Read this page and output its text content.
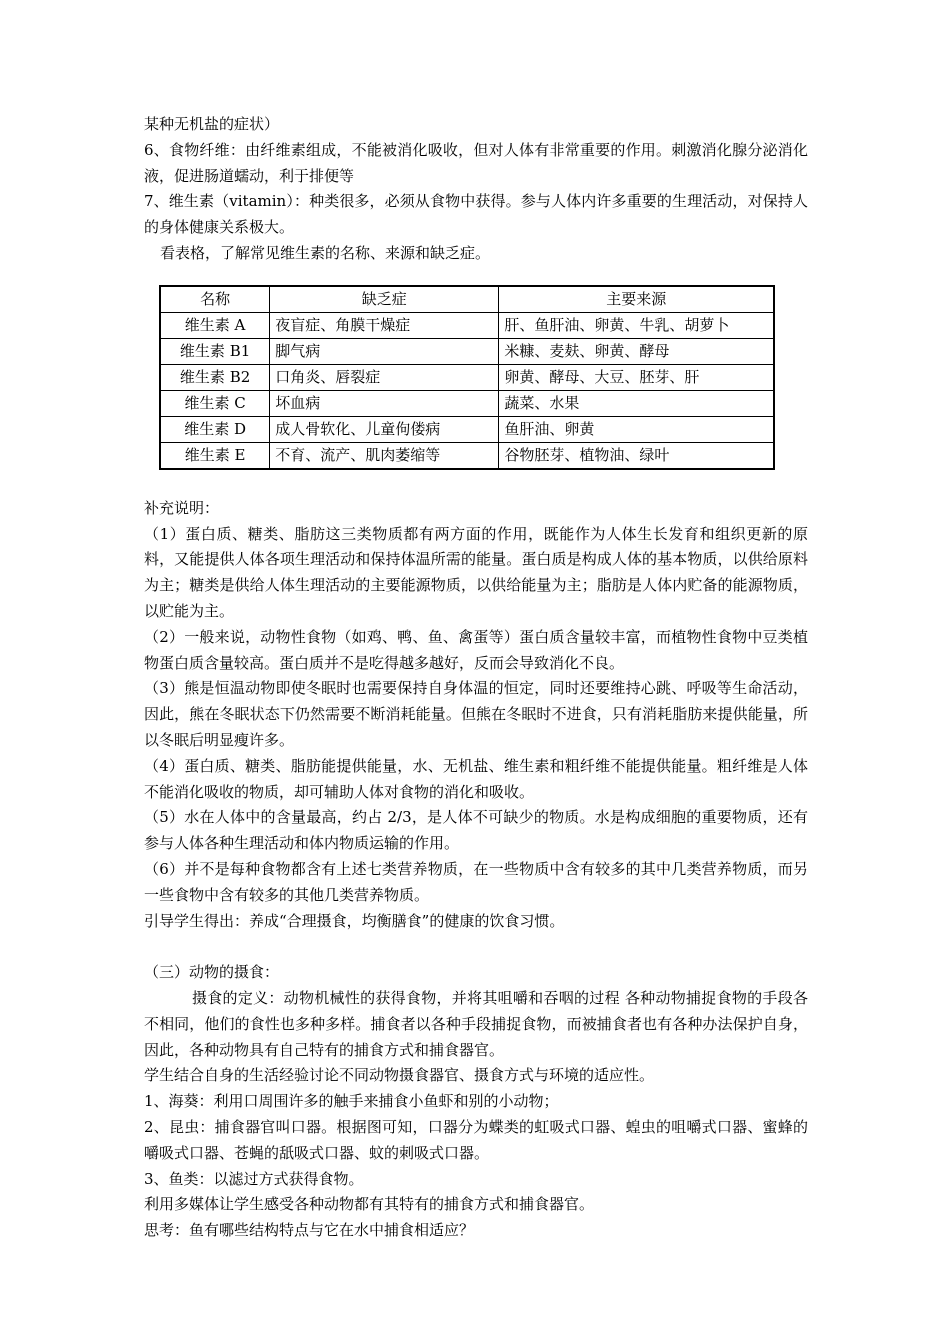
某种无机盐的症状）

6、食物纤维：由纤维素组成，不能被消化吸收，但对人体有非常重要的作用。刺激消化腺分泌消化液，促进肠道蠕动，利于排便等

7、维生素（vitamin）：种类很多，必须从食物中获得。参与人体内许多重要的生理活动，对保持人的身体健康关系极大。

看表格，了解常见维生素的名称、来源和缺乏症。

名称	缺乏症	主要来源
维生素 A	夜盲症、角膜干燥症	肝、鱼肝油、卵黄、牛乳、胡萝卜
维生素 B1	脚气病	米糠、麦麸、卵黄、酵母
维生素 B2	口角炎、唇裂症	卵黄、酵母、大豆、胚芽、肝
维生素 C	坏血病	蔬菜、水果
维生素 D	成人骨软化、儿童佝偻病	鱼肝油、卵黄
维生素 E	不育、流产、肌肉萎缩等	谷物胚芽、植物油、绿叶

补充说明：

（1）蛋白质、糖类、脂肪这三类物质都有两方面的作用，既能作为人体生长发育和组织更新的原料，又能提供人体各项生理活动和保持体温所需的能量。蛋白质是构成人体的基本物质，以供给原料为主；糖类是供给人体生理活动的主要能源物质，以供给能量为主；脂肪是人体内贮备的能源物质，以贮能为主。

（2）一般来说，动物性食物（如鸡、鸭、鱼、禽蛋等）蛋白质含量较丰富，而植物性食物中豆类植物蛋白质含量较高。蛋白质并不是吃得越多越好，反而会导致消化不良。

（3）熊是恒温动物即使冬眠时也需要保持自身体温的恒定，同时还要维持心跳、呼吸等生命活动，因此，熊在冬眠状态下仍然需要不断消耗能量。但熊在冬眠时不进食，只有消耗脂肪来提供能量，所以冬眠后明显瘦许多。

（4）蛋白质、糖类、脂肪能提供能量，水、无机盐、维生素和粗纤维不能提供能量。粗纤维是人体不能消化吸收的物质，却可辅助人体对食物的消化和吸收。

（5）水在人体中的含量最高，约占 2/3，是人体不可缺少的物质。水是构成细胞的重要物质，还有参与人体各种生理活动和体内物质运输的作用。

（6）并不是每种食物都含有上述七类营养物质，在一些物质中含有较多的其中几类营养物质，而另一些食物中含有较多的其他几类营养物质。

引导学生得出：养成“合理摄食，均衡膳食”的健康的饮食习惯。

（三）动物的摄食：

摄食的定义：动物机械性的获得食物，并将其咀嚼和吞咽的过程 各种动物捕捉食物的手段各不相同，他们的食性也多种多样。捕食者以各种手段捕捉食物，而被捕食者也有各种办法保护自身，因此，各种动物具有自己特有的捕食方式和捕食器官。

学生结合自身的生活经验讨论不同动物摄食器官、摄食方式与环境的适应性。

1、海葵：利用口周围许多的触手来捕食小鱼虾和别的小动物；

2、昆虫：捕食器官叫口器。根据图可知，口器分为蝶类的虹吸式口器、蝗虫的咀嚼式口器、蜜蜂的嚼吸式口器、苍蝇的舐吸式口器、蚊的刺吸式口器。

3、鱼类：以滤过方式获得食物。

利用多媒体让学生感受各种动物都有其特有的捕食方式和捕食器官。

思考：鱼有哪些结构特点与它在水中捕食相适应？
